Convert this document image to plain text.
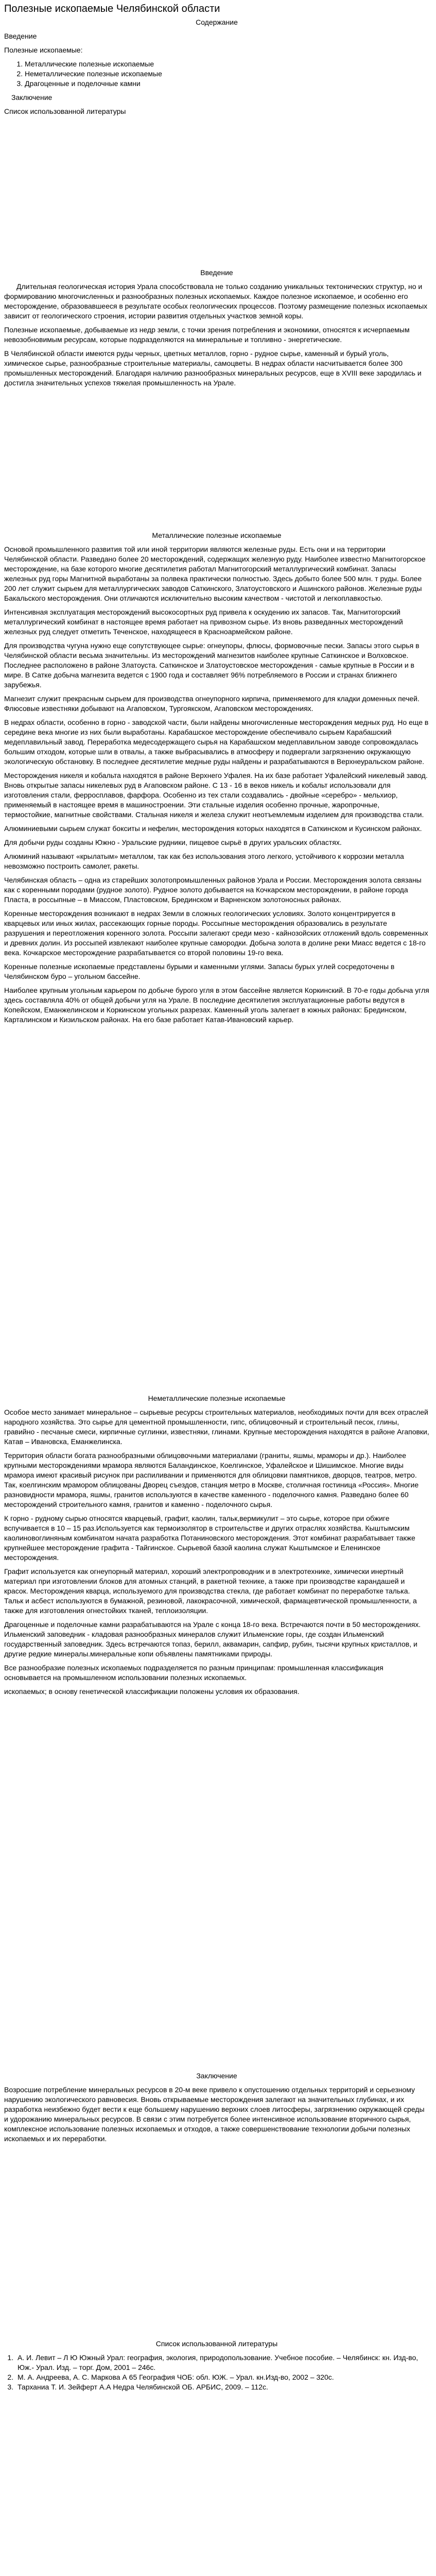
Полезные ископаемые Челябинской области

Содержание

Введение

Полезные ископаемые:

1. Металлические полезные ископаемые
2. Неметаллические полезные ископаемые
3. Драгоценные и поделочные камни

Заключение

Список использованной литературы

Введение

Длительная геологическая история Урала способствовала не только созданию уникальных тектонических структур, но и формированию многочисленных и разнообразных полезных ископаемых. Каждое полезное ископаемое, и особенно его месторождение, образовавшееся в результате особых геологических процессов. Поэтому размещение полезных ископаемых зависит от геологического строения, истории развития отдельных участков земной коры.

Полезные ископаемые, добываемые из недр земли, с точки зрения потребления и экономики, относятся к исчерпаемым невозобновимым ресурсам, которые подразделяются на минеральные и топливно - энергетические.

В Челябинской области имеются руды черных, цветных металлов, горно - рудное сырье, каменный и бурый уголь, химическое сырье, разнообразные строительные материалы, самоцветы. В недрах области насчитывается более 300 промышленных месторождений. Благодаря наличию разнообразных минеральных ресурсов, еще в XVIII веке зародилась и достигла значительных успехов тяжелая промышленность на Урале.

Металлические полезные ископаемые

Основой промышленного развития той или иной территории являются железные руды. Есть они и на территории Челябинской области. Разведано более 20 месторождений, содержащих железную руду. Наиболее известно Магнитогорское месторождение, на базе которого многие десятилетия работал Магнитогорский металлургический комбинат. Запасы железных руд горы Магнитной выработаны за полвека практически полностью. Здесь добыто более 500 млн. т руды. Более 200 лет служит сырьем для металлургических заводов Саткинского, Златоустовского и Ашинского районов. Железные руды Бакальского месторождения. Они отличаются исключительно высоким качеством - чистотой и легкоплавкостью.

Интенсивная эксплуатация месторождений высокосортных руд привела к оскудению их запасов. Так, Магнитогорский металлургический комбинат в настоящее время работает на привозном сырье. Из вновь разведанных месторождений железных руд следует отметить Теченское, находящееся в Красноармейском районе.

Для производства чугуна нужно еще сопутствующее сырье: огнеупоры, флюсы, формовочные пески. Запасы этого сырья в Челябинской области весьма значительны. Из месторождений магнезитов наиболее крупные Саткинское и Волховское. Последнее расположено в районе Златоуста. Саткинское и Златоустовское месторождения - самые крупные в России и в мире. В Сатке добыча магнезита ведется с 1900 года и составляет 96% потребляемого в России и странах ближнего зарубежья.

Магнезит служит прекрасным сырьем для производства огнеупорного кирпича, применяемого для кладки доменных печей. Флюсовые известняки добывают на Агаповском, Тургоякском, Агаповском месторождениях.

В недрах области, особенно в горно - заводской части, были найдены многочисленные месторождения медных руд. Но еще в середине века многие из них были выработаны. Карабашское месторождение обеспечивало сырьем Карабашский медеплавильный завод. Переработка медесодержащего сырья на Карабашском медеплавильном заводе сопровождалась большим отходом, которые шли в отвалы, а также выбрасывались в атмосферу и подвергали загрязнению окружающую экологическую обстановку. В последнее десятилетие медные руды найдены и разрабатываются в Верхнеуральском районе.

Месторождения никеля и кобальта находятся в районе Верхнего Уфалея. На их базе работает Уфалейский никелевый завод. Вновь открытые запасы никелевых руд в Агаповском районе. С 13 - 16 в веков никель и кобальт использовали для изготовления стали, ферросплавов, фарфора. Особенно из тех стали создавались - двойные «серебро» - мельхиор, применяемый в настоящее время в машиностроении. Эти стальные изделия особенно прочные, жаропрочные, термостойкие, магнитные свойствами. Стальная никеля и железа служит неотъемлемым изделием для производства стали.

Алюминиевыми сырьем служат бокситы и нефелин, месторождения которых находятся в Саткинском и Кусинском районах.

Для добычи руды созданы Южно - Уральские рудники, пищевое сырьё в других уральских областях.

Алюминий называют «крылатым» металлом, так как без использования этого легкого, устойчивого к коррозии металла невозможно построить самолет, ракеты.

Челябинская область – одна из старейших золотопромышленных районов Урала и России. Месторождения золота связаны как с коренными породами (рудное золото). Рудное золото добывается на Кочкарском месторождении, в районе города Пласта, в россыпные – в Миассом, Пластовском, Брединском и Варненском золотоносных районах.

Коренные месторождения возникают в недрах Земли в сложных геологических условиях. Золото концентрируется в кварцевых или иных жилах, рассекающих горные породы. Россыпные месторождения образовались в результате разрушения и переотложения коренного золота. Россыпи залегают среди мезо - кайнозойских отложений вдоль современных и древних долин. Из россыпей извлекают наиболее крупные самородки. Добыча золота в долине реки Миасс ведется с 18-го века. Кочкарское месторождение разрабатывается со второй половины 19-го века.

Коренные полезные ископаемые представлены бурыми и каменными углями. Запасы бурых углей сосредоточены в Челябинском буро – угольном бассейне.

Наиболее крупным угольным карьером по добыче бурого угля в этом бассейне является Коркинский. В 70-е годы добыча угля здесь составляла 40% от общей добычи угля на Урале. В последние десятилетия эксплуатационные работы ведутся в Копейском, Еманжелинском и Коркинском угольных разрезах. Каменный уголь залегает в южных районах: Брединском, Карталинском и Кизильском районах. На его базе работает Катав-Ивановский карьер.

Неметаллические полезные ископаемые

Особое место занимает минеральное – сырьевые ресурсы строительных материалов, необходимых почти для всех отраслей народного хозяйства. Это сырье для цементной промышленности, гипс, облицовочный и строительный песок, глины, гравийно - песчаные смеси, кирпичные суглинки, известняки, глинами. Крупные месторождения находятся в районе Агаповки, Катав – Ивановска, Еманжелинска.

Территория области богата разнообразными облицовочными материалами (граниты, яшмы, мраморы и др.). Наиболее крупными месторождениями мрамора являются Баландинское, Коелгинское, Уфалейское и Шишимское. Многие виды мрамора имеют красивый рисунок при распиливании и применяются для облицовки памятников, дворцов, театров, метро. Так, коелгинским мрамором облицованы Дворец съездов, станция метро в Москве, столичная гостиница «Россия». Многие разновидности мрамора, яшмы, гранитов используются в качестве каменного - поделочного камня. Разведано более 60 месторождений строительного камня, гранитов и каменно - поделочного сырья.

К горно - рудному сырью относятся кварцевый, графит, каолин, тальк,вермикулит – это сырье, которое при обжиге вспучивается в 10 – 15 раз.Используется как термоизолятор в строительстве и других отраслях хозяйства. Кыштымским каолиновоглиняным комбинатом начата разработка Потаниновского месторождения. Этот комбинат разрабатывает также крупнейшее месторождение графита - Тайгинское. Сырьевой базой каолина служат Кыштымское и Еленинское месторождения.

Графит используется как огнеупорный материал, хороший электропроводник и в электротехнике, химически инертный материал при изготовлении блоков для атомных станций, в ракетной технике, а также при производстве карандашей и красок. Месторождения кварца, используемого для производства стекла, где работает комбинат по переработке талька. Тальк и асбест используются в бумажной, резиновой, лакокрасочной, химической, фармацевтической промышленности, а также для изготовления огнестойких тканей, теплоизоляции.

Драгоценные и поделочные камни разрабатываются на Урале с конца 18-го века. Встречаются почти в 50 месторождениях. Ильменский заповедник - кладовая разнообразных минералов служит Ильменские горы, где создан Ильменский государственный заповедник. Здесь встречаются топаз, берилл, аквамарин, сапфир, рубин, тысячи крупных кристаллов, и другие редкие минералы.минеральные копи объявлены памятниками природы.

Все разнообразие полезных ископаемых подразделяется по разным принципам: промышленная классификация основывается на промышленном использовании полезных ископаемых.

ископаемых; в основу генетической классификации положены условия их образования.

Заключение

Возросшие потребление минеральных ресурсов в 20-м веке привело к опустошению отдельных территорий и серьезному нарушению экологического равновесия. Вновь открываемые месторождения залегают на значительных глубинах, и их разработка неизбежно будет вести к еще большему нарушению верхних слоев литосферы, загрязнению окружающей среды и удорожанию минеральных ресурсов. В связи с этим потребуется более интенсивное использование вторичного сырья, комплексное использование полезных ископаемых и отходов, а также совершенствование технологии добычи полезных ископаемых и их переработки.

Список использованной литературы
1. А. И. Левит – Л Ю Южный Урал: география, экология, природопользование. Учебное пособие. – Челябинск: кн. Изд-во, Юж.- Урал. Изд. – торг. Дом, 2001 – 246с.
2. М. А. Андреева, А. С. Маркова А 65 География ЧОБ: обл. ЮЖ. – Урал. кн.Изд-во, 2002 – 320с.
3. Тарханиа Т. И. Зейферт А.А Недра Челябинской ОБ. АРБИС, 2009. – 112с.
